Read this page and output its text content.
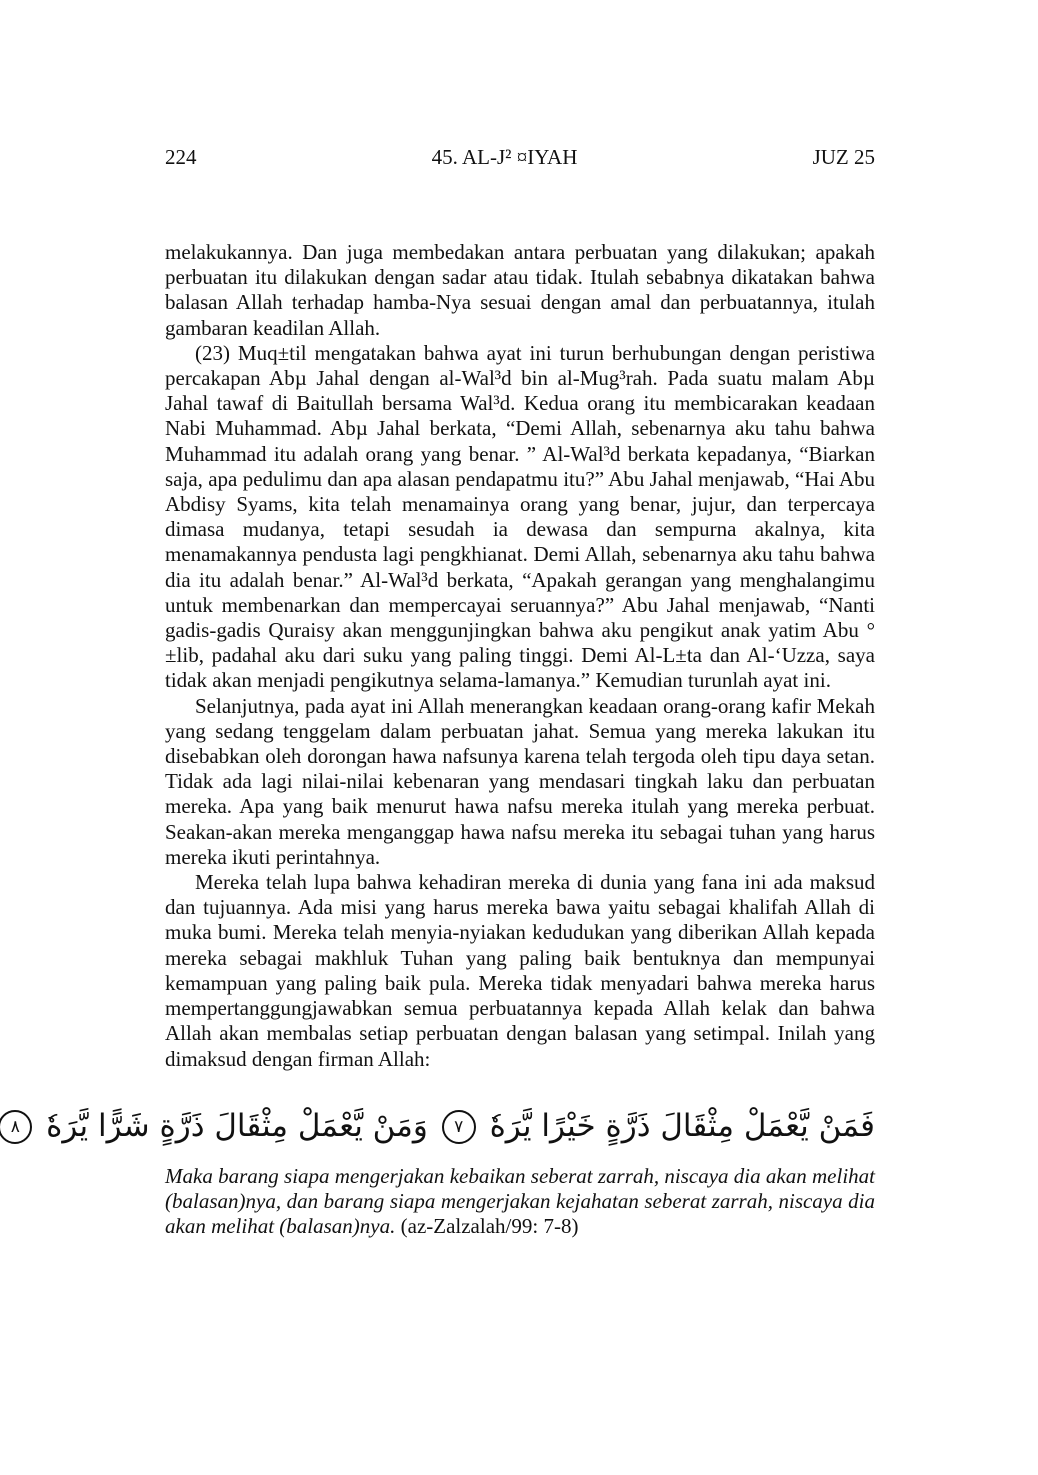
224	45. AL-J² ¤IYAH	JUZ 25

melakukannya. Dan juga membedakan antara perbuatan yang dilakukan; apakah perbuatan itu dilakukan dengan sadar atau tidak. Itulah sebabnya dikatakan bahwa balasan Allah terhadap hamba-Nya sesuai dengan amal dan perbuatannya, itulah gambaran keadilan Allah.

(23) Muq±til mengatakan bahwa ayat ini turun berhubungan dengan peristiwa percakapan Abµ Jahal dengan al-Wal³d bin al-Mug³rah. Pada suatu malam Abµ Jahal tawaf di Baitullah bersama Wal³d. Kedua orang itu membicarakan keadaan Nabi Muhammad. Abµ Jahal berkata, “Demi Allah, sebenarnya aku tahu bahwa Muhammad itu adalah orang yang benar. ” Al-Wal³d berkata kepadanya, “Biarkan saja, apa pedulimu dan apa alasan pendapatmu itu?” Abu Jahal menjawab, “Hai Abu Abdisy Syams, kita telah menamainya orang yang benar, jujur, dan terpercaya dimasa mudanya, tetapi sesudah ia dewasa dan sempurna akalnya, kita menamakannya pendusta lagi pengkhianat. Demi Allah, sebenarnya aku tahu bahwa dia itu adalah benar.” Al-Wal³d berkata, “Apakah gerangan yang menghalangimu untuk membenarkan dan mempercayai seruannya?” Abu Jahal menjawab, “Nanti gadis-gadis Quraisy akan menggunjingkan bahwa aku pengikut anak yatim Abu °±lib, padahal aku dari suku yang paling tinggi. Demi Al-L±ta dan Al-‘Uzza, saya tidak akan menjadi pengikutnya selama-lamanya.” Kemudian turunlah ayat ini.

Selanjutnya, pada ayat ini Allah menerangkan keadaan orang-orang kafir Mekah yang sedang tenggelam dalam perbuatan jahat. Semua yang mereka lakukan itu disebabkan oleh dorongan hawa nafsunya karena telah tergoda oleh tipu daya setan. Tidak ada lagi nilai-nilai kebenaran yang mendasari tingkah laku dan perbuatan mereka. Apa yang baik menurut hawa nafsu mereka itulah yang mereka perbuat. Seakan-akan mereka menganggap hawa nafsu mereka itu sebagai tuhan yang harus mereka ikuti perintahnya.

Mereka telah lupa bahwa kehadiran mereka di dunia yang fana ini ada maksud dan tujuannya. Ada misi yang harus mereka bawa yaitu sebagai khalifah Allah di muka bumi. Mereka telah menyia-nyiakan kedudukan yang diberikan Allah kepada mereka sebagai makhluk Tuhan yang paling baik bentuknya dan mempunyai kemampuan yang paling baik pula. Mereka tidak menyadari bahwa mereka harus mempertanggungjawabkan semua perbuatannya kepada Allah kelak dan bahwa Allah akan membalas setiap perbuatan dengan balasan yang setimpal. Inilah yang dimaksud dengan firman Allah:

فَمَنْ يَّعْمَلْ مِثْقَالَ ذَرَّةٍ خَيْرًا يَّرَهٗ ٧ وَمَنْ يَّعْمَلْ مِثْقَالَ ذَرَّةٍ شَرًّا يَّرَهٗ ٨
Maka barang siapa mengerjakan kebaikan seberat zarrah, niscaya dia akan melihat (balasan)nya, dan barang siapa mengerjakan kejahatan seberat zarrah, niscaya dia akan melihat (balasan)nya. (az-Zalzalah/99: 7-8)
